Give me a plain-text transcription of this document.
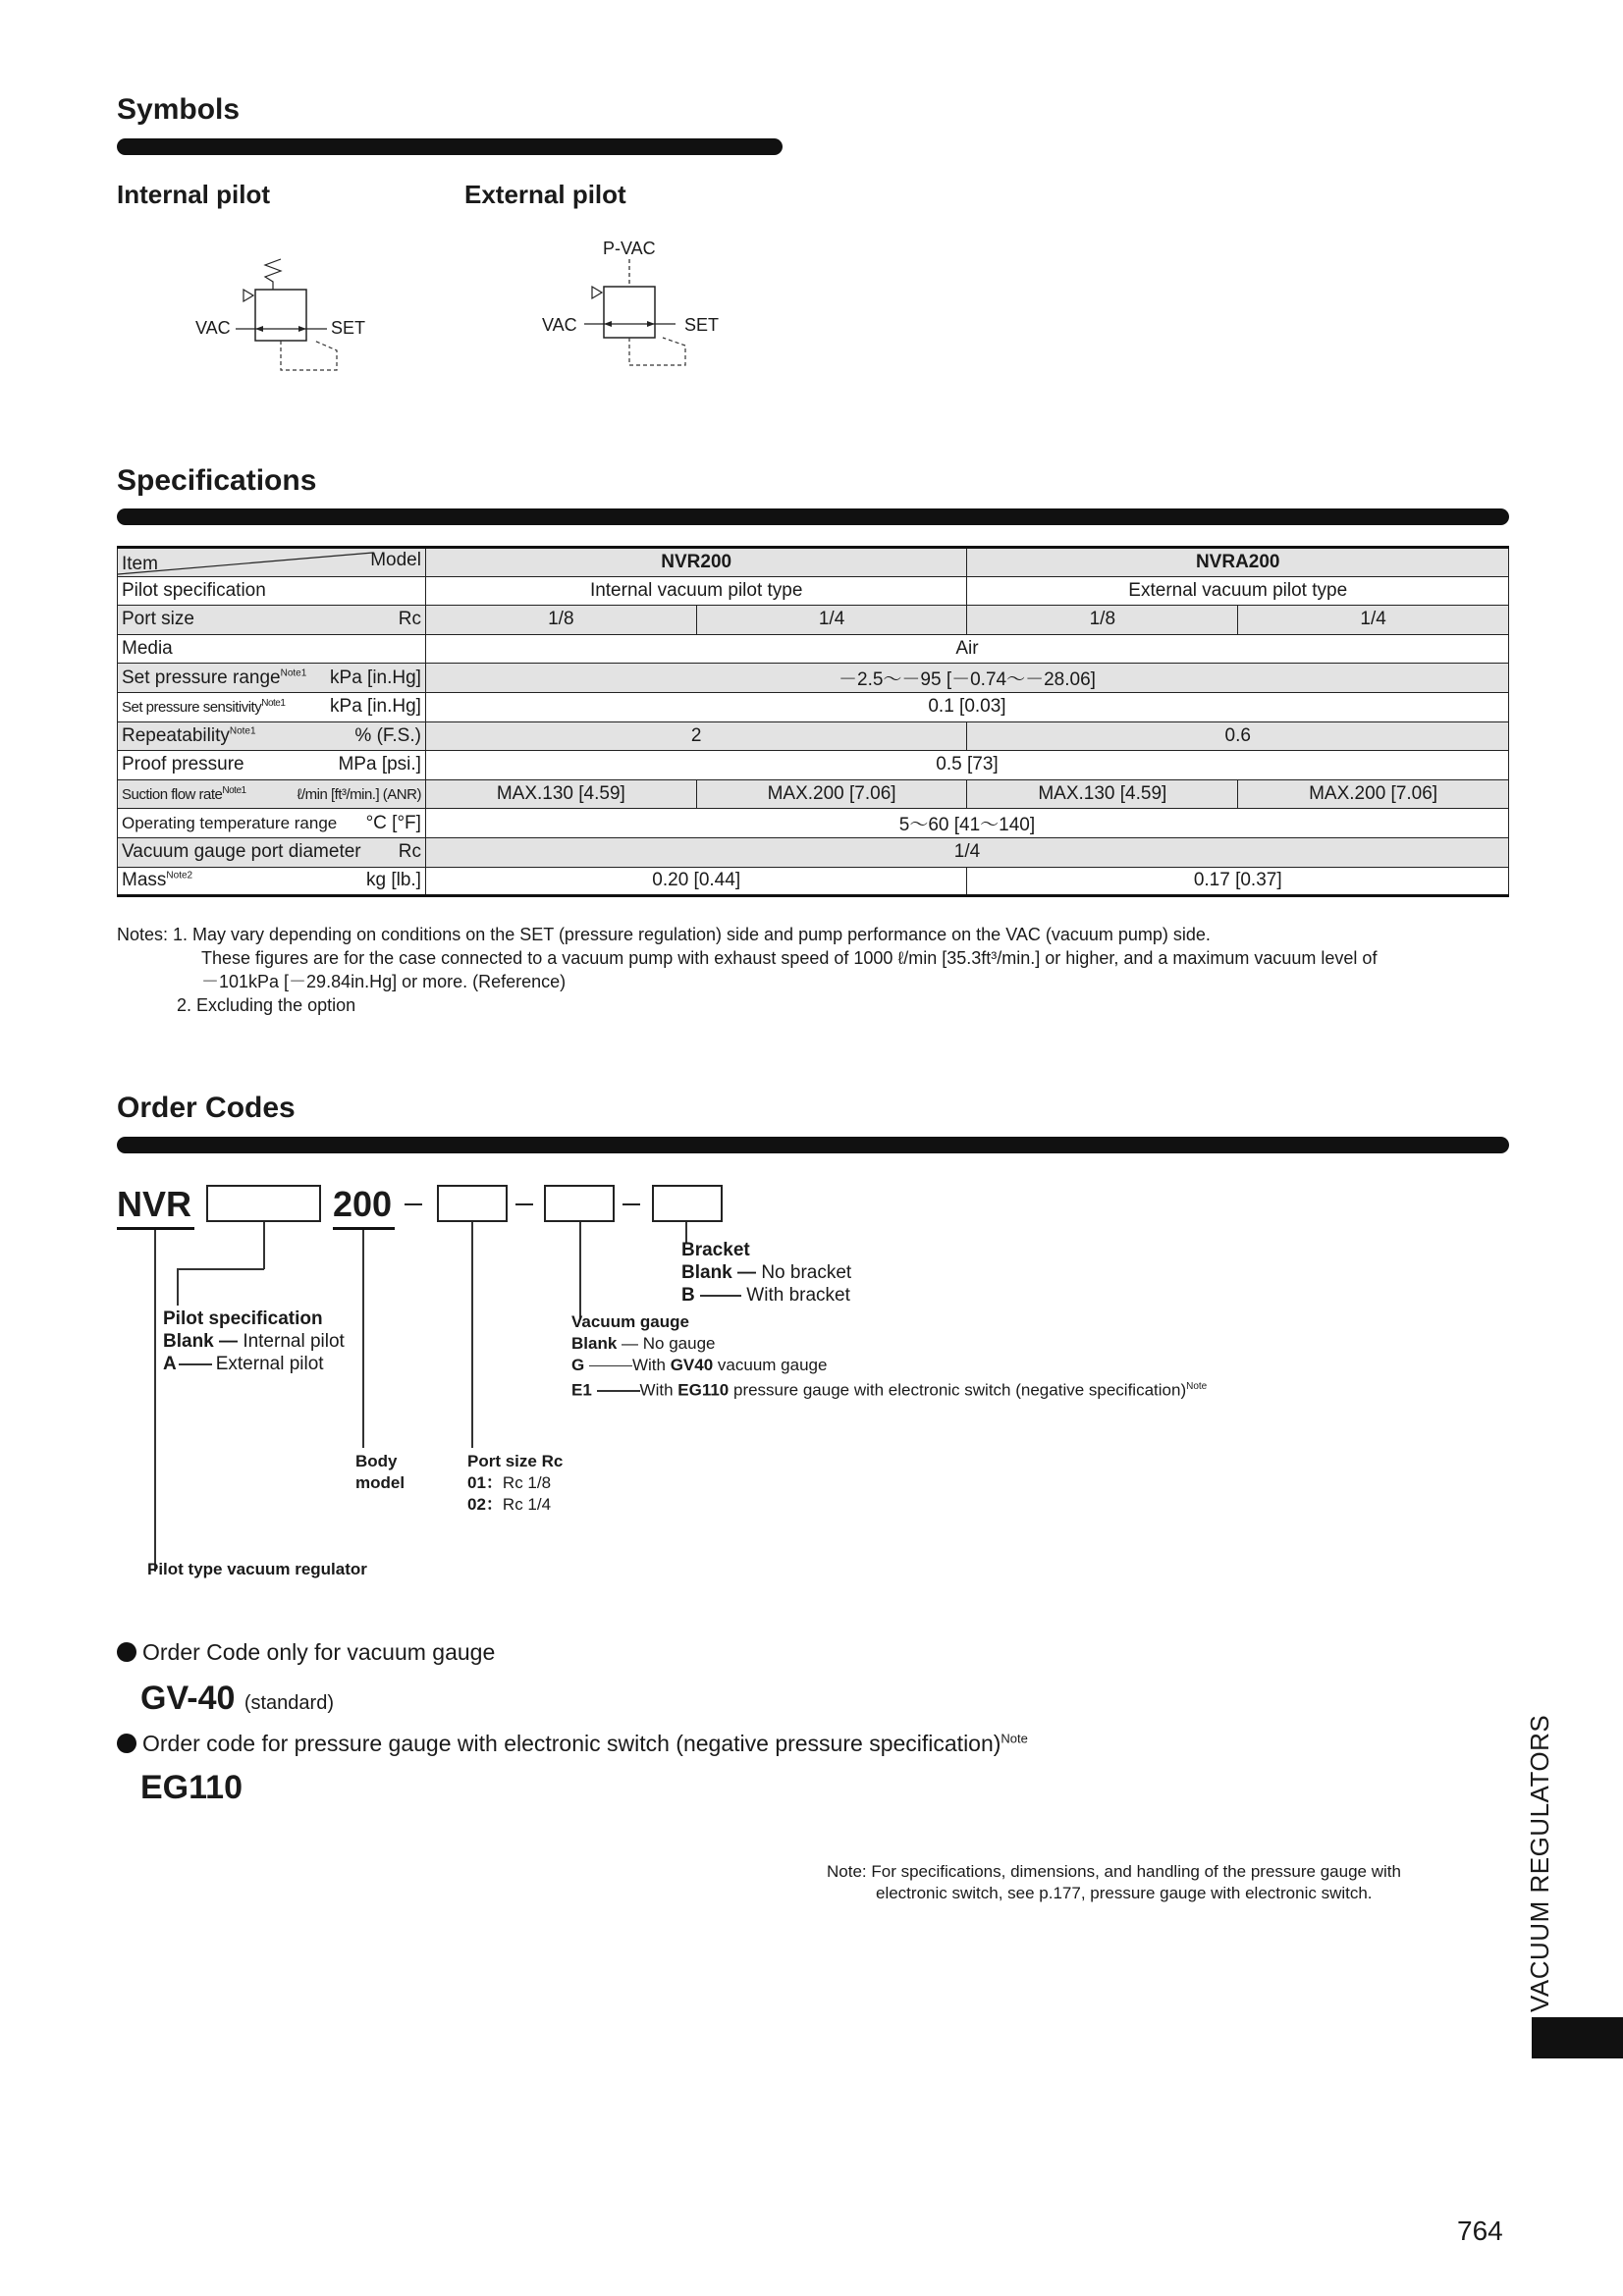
Symbols
Internal pilot	External pilot
VAC	SET
P-VAC
VAC	SET
Specifications
Item Model	NVR200		NVRA200	
Pilot specification	Internal vacuum pilot type		External vacuum pilot type	

Port size Rc	1/8	1/4	1/8	1/4
Media	Air			

Set pressure range$^{Note1}$ kPa [in.Hg]	－2.5～－95 [－0.74～－28.06]			

Set pressure sensitivity$^{Note1}$ kPa [in.Hg]	0.1 [0.03]			

Repeatability$^{Note1}$ % (F.S.)	2		0.6	

Proof pressure MPa [psi.]	0.5 [73]			

Suction flow rate$^{Note1}$ ℓ/min [ft³/min.] (ANR)	MAX.130 [4.59]	MAX.200 [7.06]	MAX.130 [4.59]	MAX.200 [7.06]

Operating temperature range °C [°F]	5～60 [41～140]			

Vacuum gauge port diameter Rc	1/4			

Mass$^{Note2}$ kg [lb.]	0.20 [0.44]		0.17 [0.37]	
Notes: 1. May vary depending on conditions on the SET (pressure regulation) side and pump performance on the VAC (vacuum pump) side.
These figures are for the case connected to a vacuum pump with exhaust speed of 1000 ℓ/min [35.3ft³/min.] or higher, and a maximum vacuum level of
－101kPa [－29.84in.Hg] or more. (Reference)
2. Excluding the option
Order Codes
NVR	200
Bracket
Blank — No bracket
B	With bracket
Pilot specification
Blank — Internal pilot
A External pilot
Vacuum gauge
Blank — No gauge
G	With GV40 vacuum gauge
E1	With EG110 pressure gauge with electronic switch (negative specification)$^{Note}$
Body
model
Port size Rc
01：Rc 1/8
02：Rc 1/4
Pilot type vacuum regulator
Order Code only for vacuum gauge
GV-40 (standard)
Order code for pressure gauge with electronic switch (negative pressure specification)$^{Note}$
EG110
Note: For specifications, dimensions, and handling of the pressure gauge with
electronic switch, see p.177, pressure gauge with electronic switch.	VACUUM REGULATORS
764
